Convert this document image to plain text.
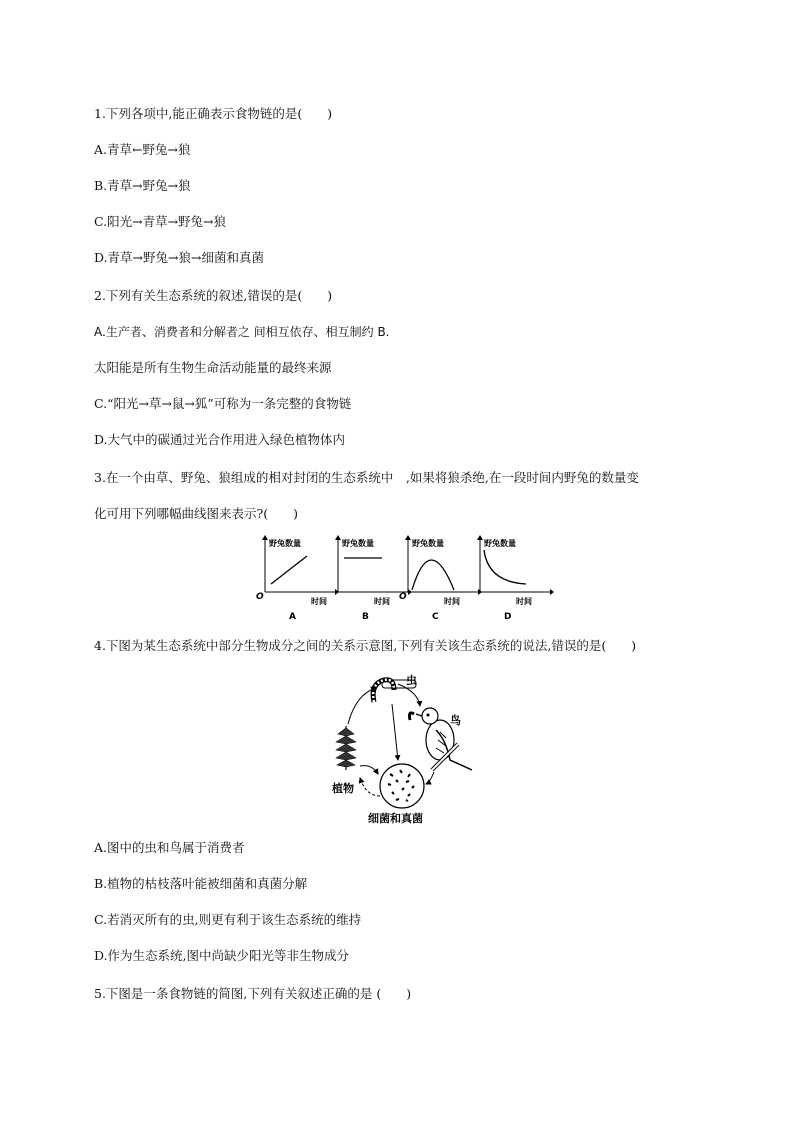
1.下列各项中,能正确表示食物链的是(　　)
A.青草←野兔→狼
B.青草→野兔→狼
C.阳光→青草→野兔→狼
D.青草→野兔→狼→细菌和真菌
2.下列有关生态系统的叙述,错误的是(　　)
A.生产者、消费者和分解者之 间相互依存、相互制约 B.
太阳能是所有生物生命活动能量的最终来源
C.“阳光→草→鼠→狐”可称为一条完整的食物链
D.大气中的碳通过光合作用进入绿色植物体内
3.在一个由草、野兔、狼组成的相对封闭的生态系统中　,如果将狼杀绝,在一段时间内野兔的数量变
化可用下列哪幅曲线图来表示?(　　)
野兔数量
O	时间
A
野兔数量
时间
B
野兔数量
O	时间
C
野兔数量
时间
D
4.下图为某生态系统中部分生物成分之间的关系示意图,下列有关该生态系统的说法,错误的是(　　)
虫
鸟
植物
细菌和真菌
A.图中的虫和鸟属于消费者
B.植物的枯枝落叶能被细菌和真菌分解
C.若消灭所有的虫,则更有利于该生态系统的维持
D.作为生态系统,图中尚缺少阳光等非生物成分
5.下图是一条食物链的简图,下列有关叙述正确的是 (　　)
